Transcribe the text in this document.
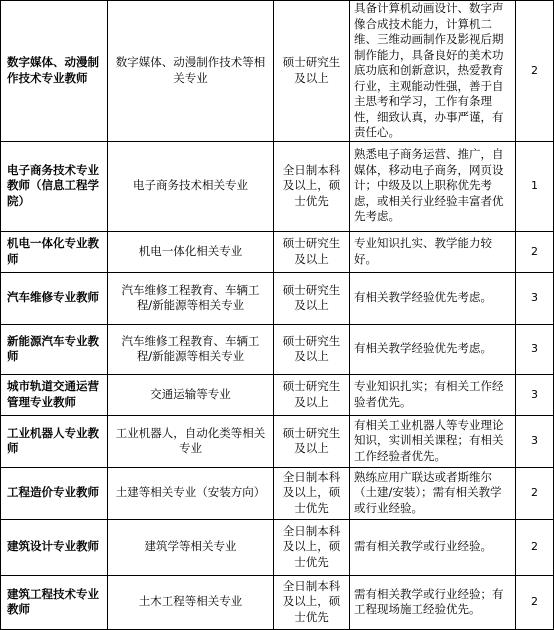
数字媒体、动漫制作技术专业教师	数字媒体、动漫制作技术等相关专业	硕士研究生及以上	具备计算机动画设计、数字声像合成技术能力，计算机二维、三维动画制作及影视后期制作能力，具备良好的美术功底功底和创新意识，热爱教育行业，主观能动性强，善于自主思考和学习，工作有条理性，细致认真，办事严谨，有责任心。	2
电子商务技术专业教师（信息工程学院）	电子商务技术相关专业	全日制本科及以上，硕士优先	熟悉电子商务运营、推广，自媒体，移动电子商务，网页设计；中级及以上职称优先考虑，或相关行业经验丰富者优先考虑。	1
机电一体化专业教师	机电一体化相关专业	硕士研究生及以上	专业知识扎实、教学能力较好。	2
汽车维修专业教师	汽车维修工程教育、车辆工程/新能源等相关专业	硕士研究生及以上	有相关教学经验优先考虑。	3
新能源汽车专业教师	汽车维修工程教育、车辆工程/新能源等相关专业	硕士研究生及以上	有相关教学经验优先考虑。	3
城市轨道交通运营管理专业教师	交通运输等专业	硕士研究生及以上	专业知识扎实；有相关工作经验者优先。	3
工业机器人专业教师	工业机器人，自动化类等相关专业	硕士研究生及以上	有相关工业机器人等专业理论知识，实训相关课程；有相关工作经验者优先。	3
工程造价专业教师	土建等相关专业（安装方向）	全日制本科及以上，硕士优先	熟练应用广联达或者斯维尔（土建/安装）；需有相关教学或行业经验。	2
建筑设计专业教师	建筑学等相关专业	全日制本科及以上，硕士优先	需有相关教学或行业经验。	2
建筑工程技术专业教师	土木工程等相关专业	全日制本科及以上，硕士优先	需有相关教学或行业经验；有工程现场施工经验优先。	2
